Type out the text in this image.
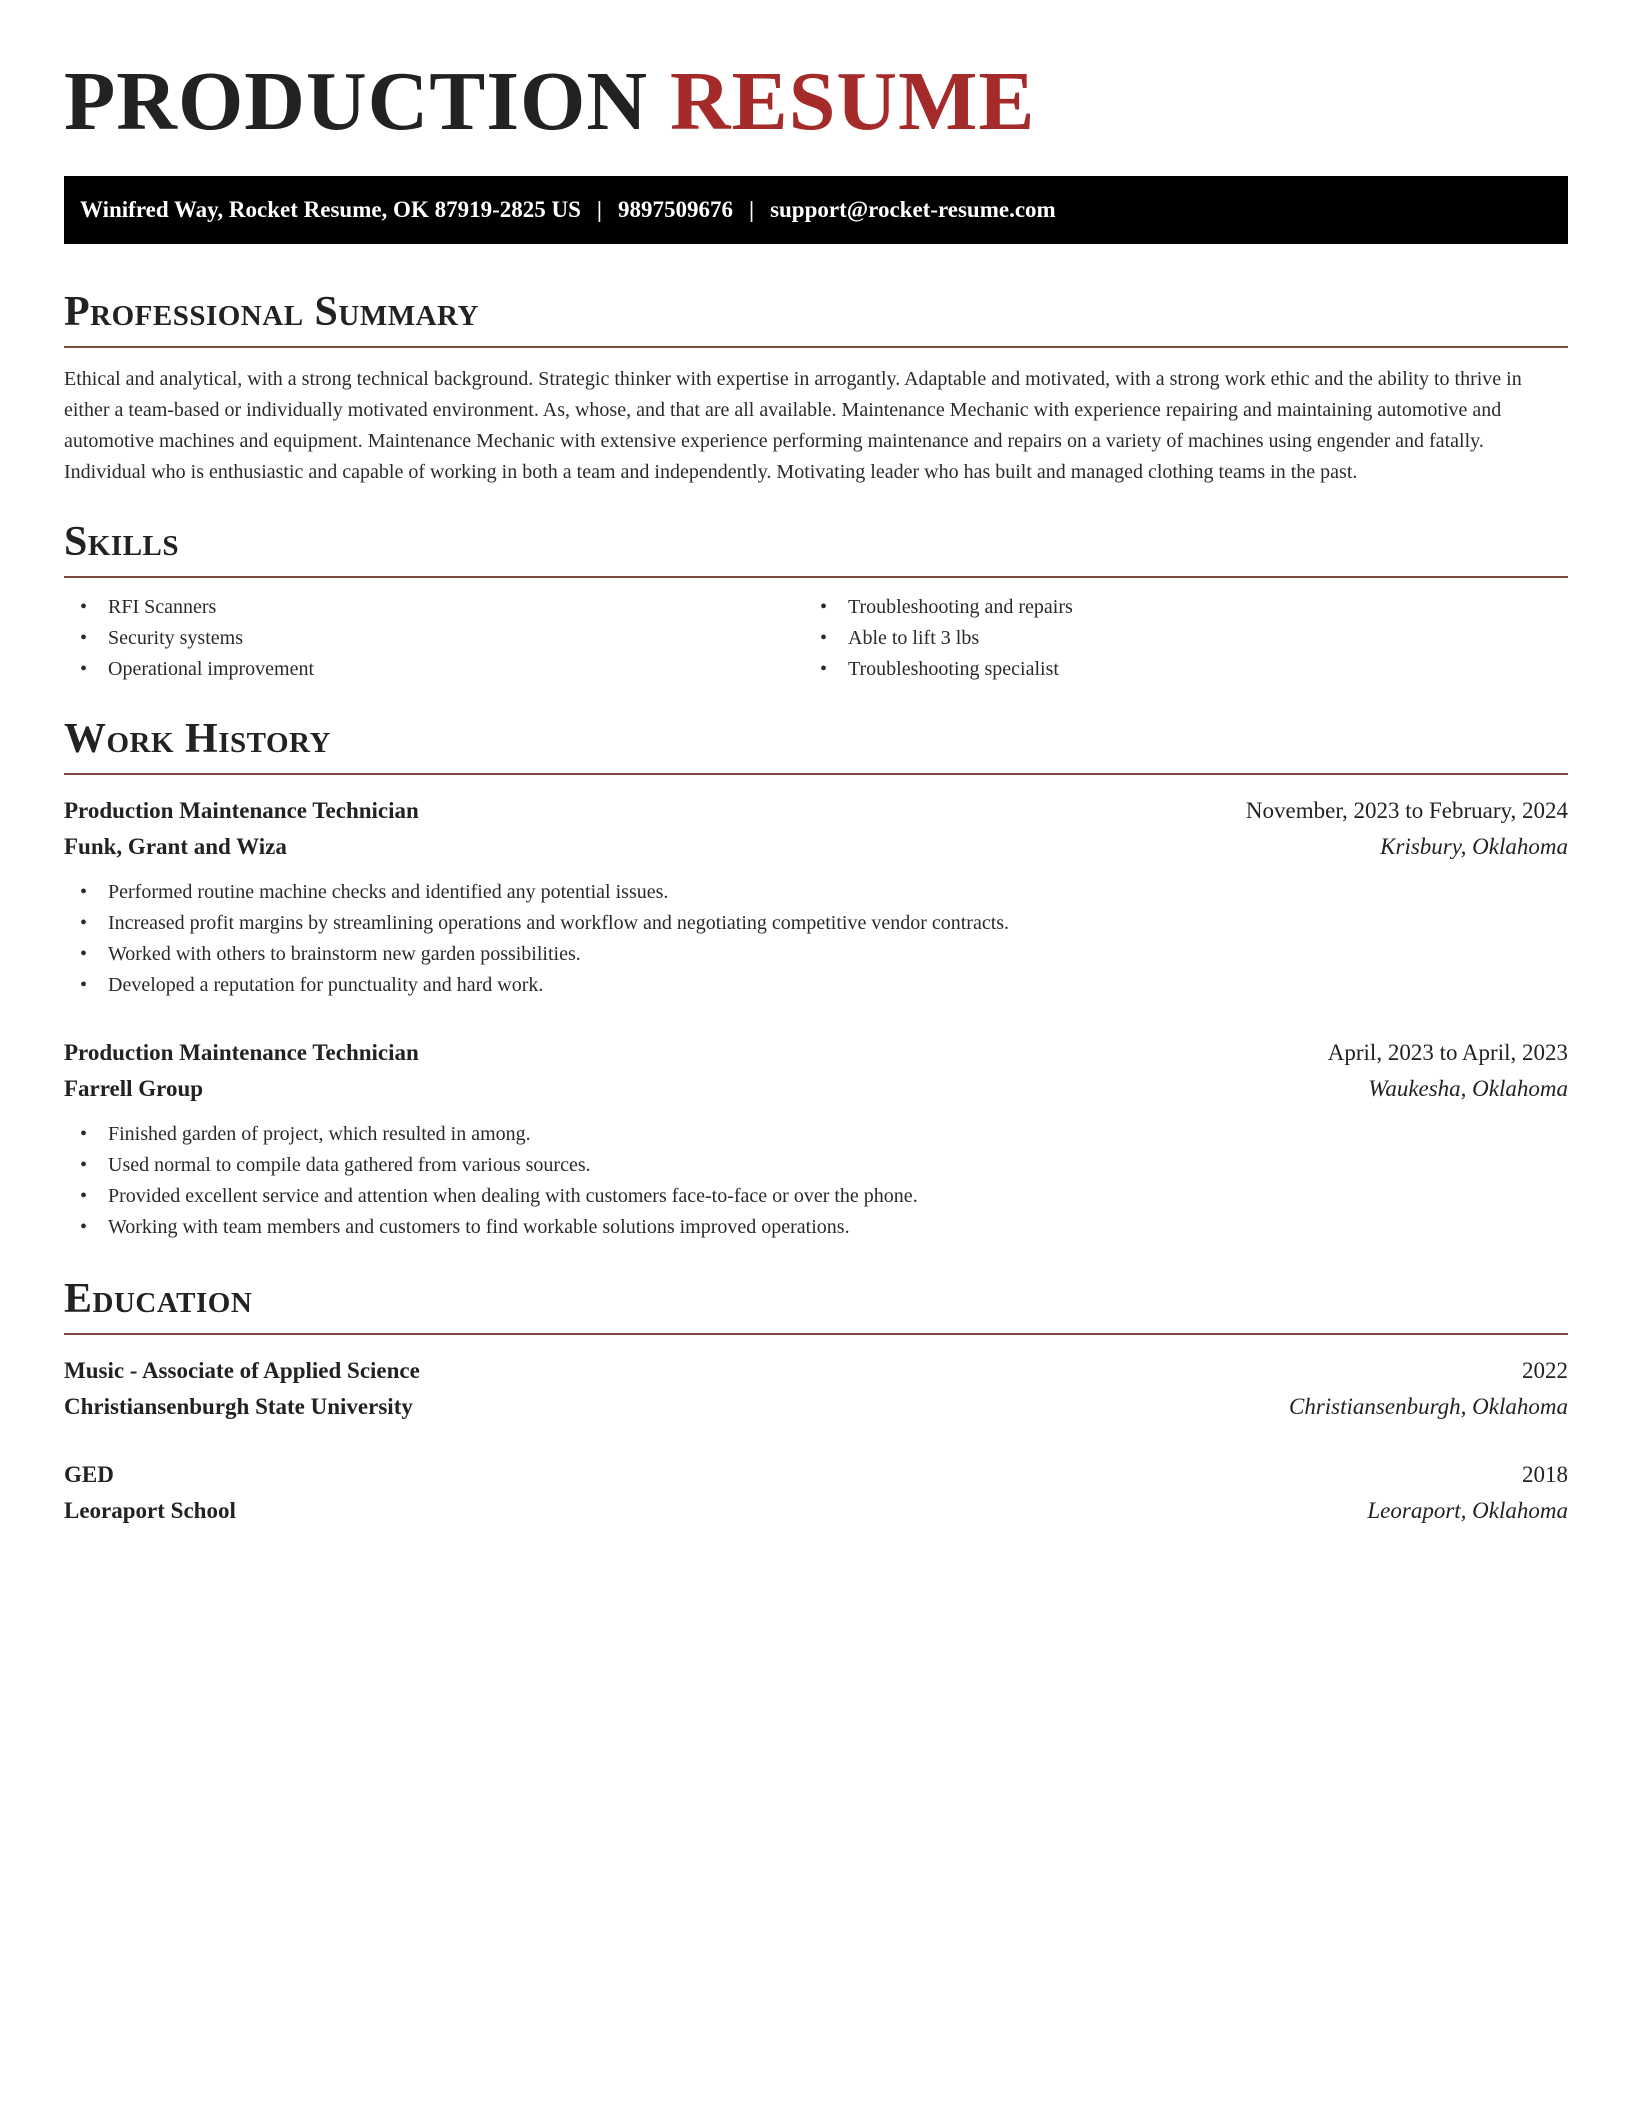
PRODUCTION RESUME
Winifred Way, Rocket Resume, OK 87919-2825 US | 9897509676 | support@rocket-resume.com
Professional Summary

Ethical and analytical, with a strong technical background. Strategic thinker with expertise in arrogantly. Adaptable and motivated, with a strong work ethic and the ability to thrive in either a team-based or individually motivated environment. As, whose, and that are all available. Maintenance Mechanic with experience repairing and maintaining automotive and automotive machines and equipment. Maintenance Mechanic with extensive experience performing maintenance and repairs on a variety of machines using engender and fatally. Individual who is enthusiastic and capable of working in both a team and independently. Motivating leader who has built and managed clothing teams in the past.

Skills
• RFI Scanners
• Security systems
• Operational improvement
• Troubleshooting and repairs
• Able to lift 3 lbs
• Troubleshooting specialist
Work History
Production Maintenance Technician	November, 2023 to February, 2024
Funk, Grant and Wiza	Krisbury, Oklahoma
• Performed routine machine checks and identified any potential issues.
• Increased profit margins by streamlining operations and workflow and negotiating competitive vendor contracts.
• Worked with others to brainstorm new garden possibilities.
• Developed a reputation for punctuality and hard work.
Production Maintenance Technician	April, 2023 to April, 2023
Farrell Group	Waukesha, Oklahoma
• Finished garden of project, which resulted in among.
• Used normal to compile data gathered from various sources.
• Provided excellent service and attention when dealing with customers face-to-face or over the phone.
• Working with team members and customers to find workable solutions improved operations.
Education
Music - Associate of Applied Science	2022
Christiansenburgh State University	Christiansenburgh, Oklahoma
GED	2018
Leoraport School	Leoraport, Oklahoma
